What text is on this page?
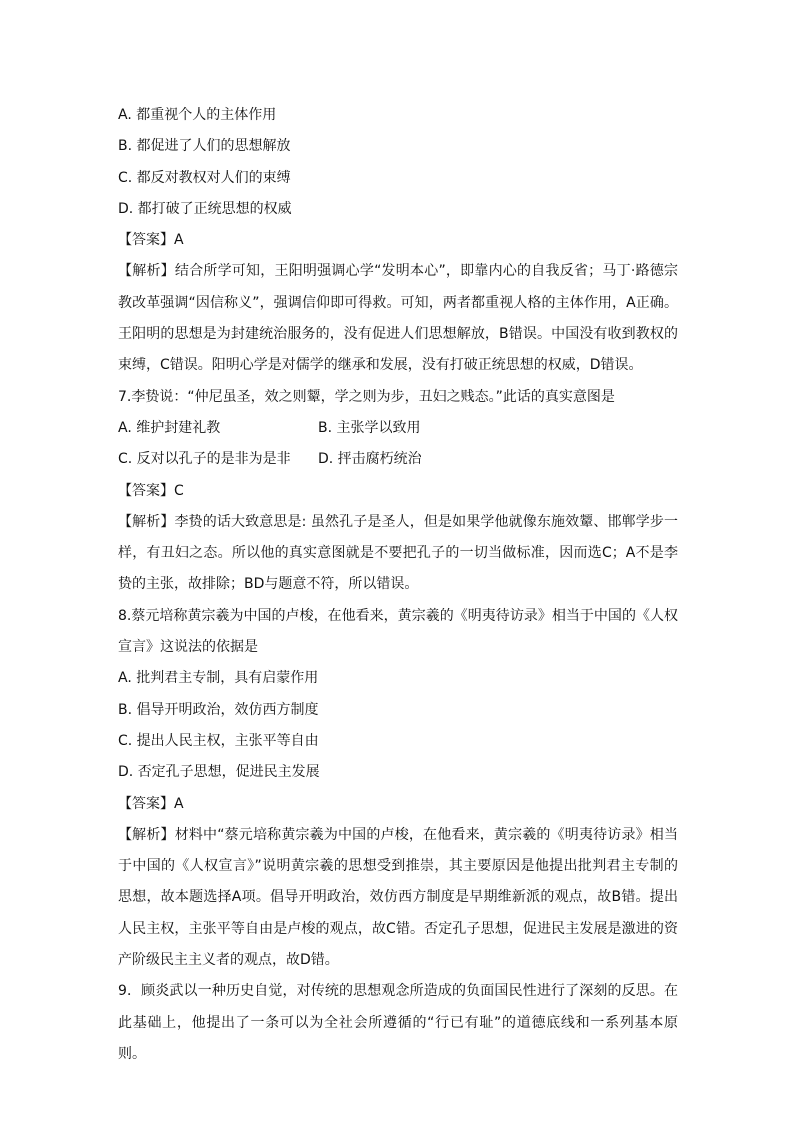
A. 都重视个人的主体作用
B. 都促进了人们的思想解放
C. 都反对教权对人们的束缚
D. 都打破了正统思想的权威
【答案】A
【解析】结合所学可知，王阳明强调心学“发明本心”，即靠内心的自我反省；马丁·路德宗教改革强调“因信称义”，强调信仰即可得救。可知，两者都重视人格的主体作用，A正确。王阳明的思想是为封建统治服务的，没有促进人们思想解放，B错误。中国没有收到教权的束缚，C错误。阳明心学是对儒学的继承和发展，没有打破正统思想的权威，D错误。
7.李贽说：“仲尼虽圣，效之则颦，学之则为步，丑妇之贱态。”此话的真实意图是
A. 维护封建礼教	B. 主张学以致用
C. 反对以孔子的是非为是非	D. 抨击腐朽统治
【答案】C
【解析】李贽的话大致意思是: 虽然孔子是圣人，但是如果学他就像东施效颦、邯郸学步一样，有丑妇之态。所以他的真实意图就是不要把孔子的一切当做标准，因而选C；A不是李贽的主张，故排除；BD与题意不符，所以错误。
8.蔡元培称黄宗羲为中国的卢梭，在他看来，黄宗羲的《明夷待访录》相当于中国的《人权宣言》这说法的依据是
A. 批判君主专制，具有启蒙作用
B. 倡导开明政治，效仿西方制度
C. 提出人民主权，主张平等自由
D. 否定孔子思想，促进民主发展
【答案】A
【解析】材料中“蔡元培称黄宗羲为中国的卢梭，在他看来，黄宗羲的《明夷待访录》相当于中国的《人权宣言》”说明黄宗羲的思想受到推崇，其主要原因是他提出批判君主专制的思想，故本题选择A项。倡导开明政治，效仿西方制度是早期维新派的观点，故B错。提出人民主权，主张平等自由是卢梭的观点，故C错。否定孔子思想，促进民主发展是激进的资产阶级民主主义者的观点，故D错。
9．顾炎武以一种历史自觉，对传统的思想观念所造成的负面国民性进行了深刻的反思。在此基础上，他提出了一条可以为全社会所遵循的“行已有耻”的道德底线和一系列基本原则。
